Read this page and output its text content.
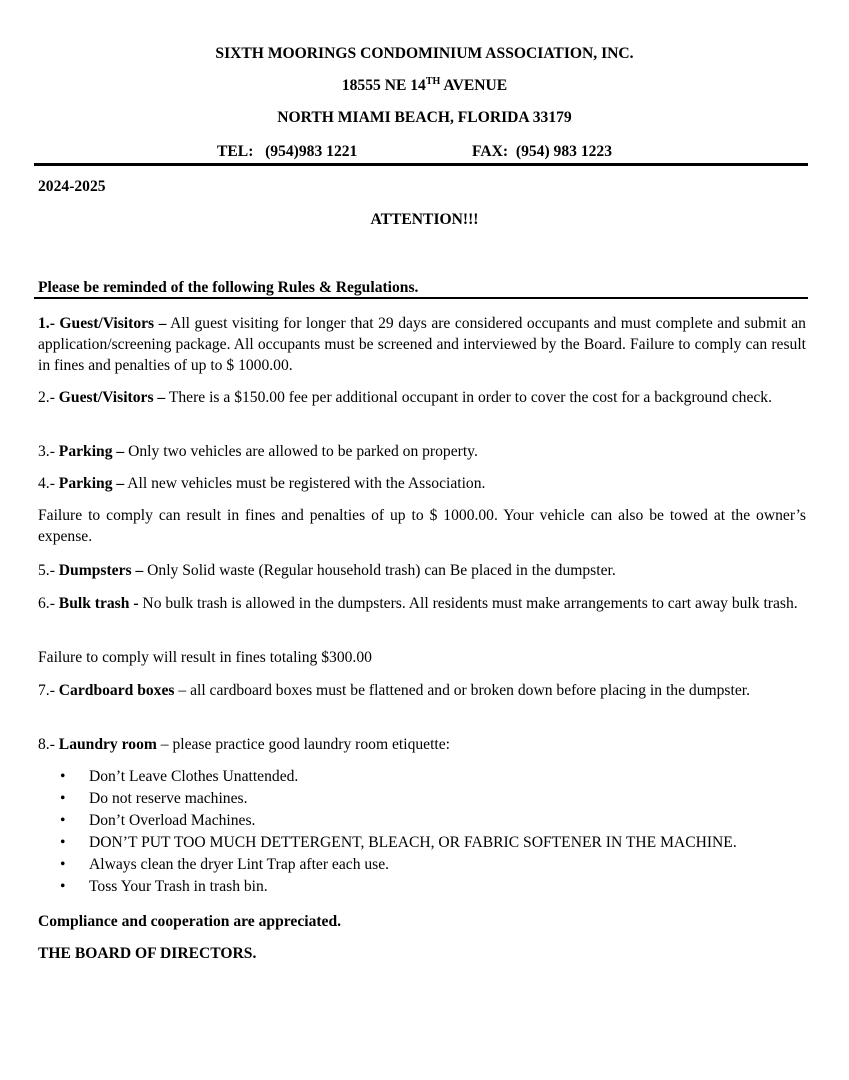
SIXTH MOORINGS CONDOMINIUM ASSOCIATION, INC.
18555 NE 14TH AVENUE
NORTH MIAMI BEACH, FLORIDA 33179
TEL:   (954)983 1221	FAX:  (954) 983 1223
2024-2025
ATTENTION!!!
Please be reminded of the following Rules & Regulations.
1.- Guest/Visitors – All guest visiting for longer that 29 days are considered occupants and must complete and submit an application/screening package. All occupants must be screened and interviewed by the Board. Failure to comply can result in fines and penalties of up to $ 1000.00.
2.- Guest/Visitors – There is a $150.00 fee per additional occupant in order to cover the cost for a background check.
3.- Parking – Only two vehicles are allowed to be parked on property.
4.- Parking – All new vehicles must be registered with the Association.
Failure to comply can result in fines and penalties of up to $ 1000.00. Your vehicle can also be towed at the owner’s expense.
5.- Dumpsters – Only Solid waste (Regular household trash) can Be placed in the dumpster.
6.- Bulk trash - No bulk trash is allowed in the dumpsters. All residents must make arrangements to cart away bulk trash.
Failure to comply will result in fines totaling $300.00
7.- Cardboard boxes – all cardboard boxes must be flattened and or broken down before placing in the dumpster.
8.- Laundry room – please practice good laundry room etiquette:
• Don’t Leave Clothes Unattended.
• Do not reserve machines.
• Don’t Overload Machines.
• DON’T PUT TOO MUCH DETTERGENT, BLEACH, OR FABRIC SOFTENER IN THE MACHINE.
• Always clean the dryer Lint Trap after each use.
• Toss Your Trash in trash bin.
Compliance and cooperation are appreciated.
THE BOARD OF DIRECTORS.
